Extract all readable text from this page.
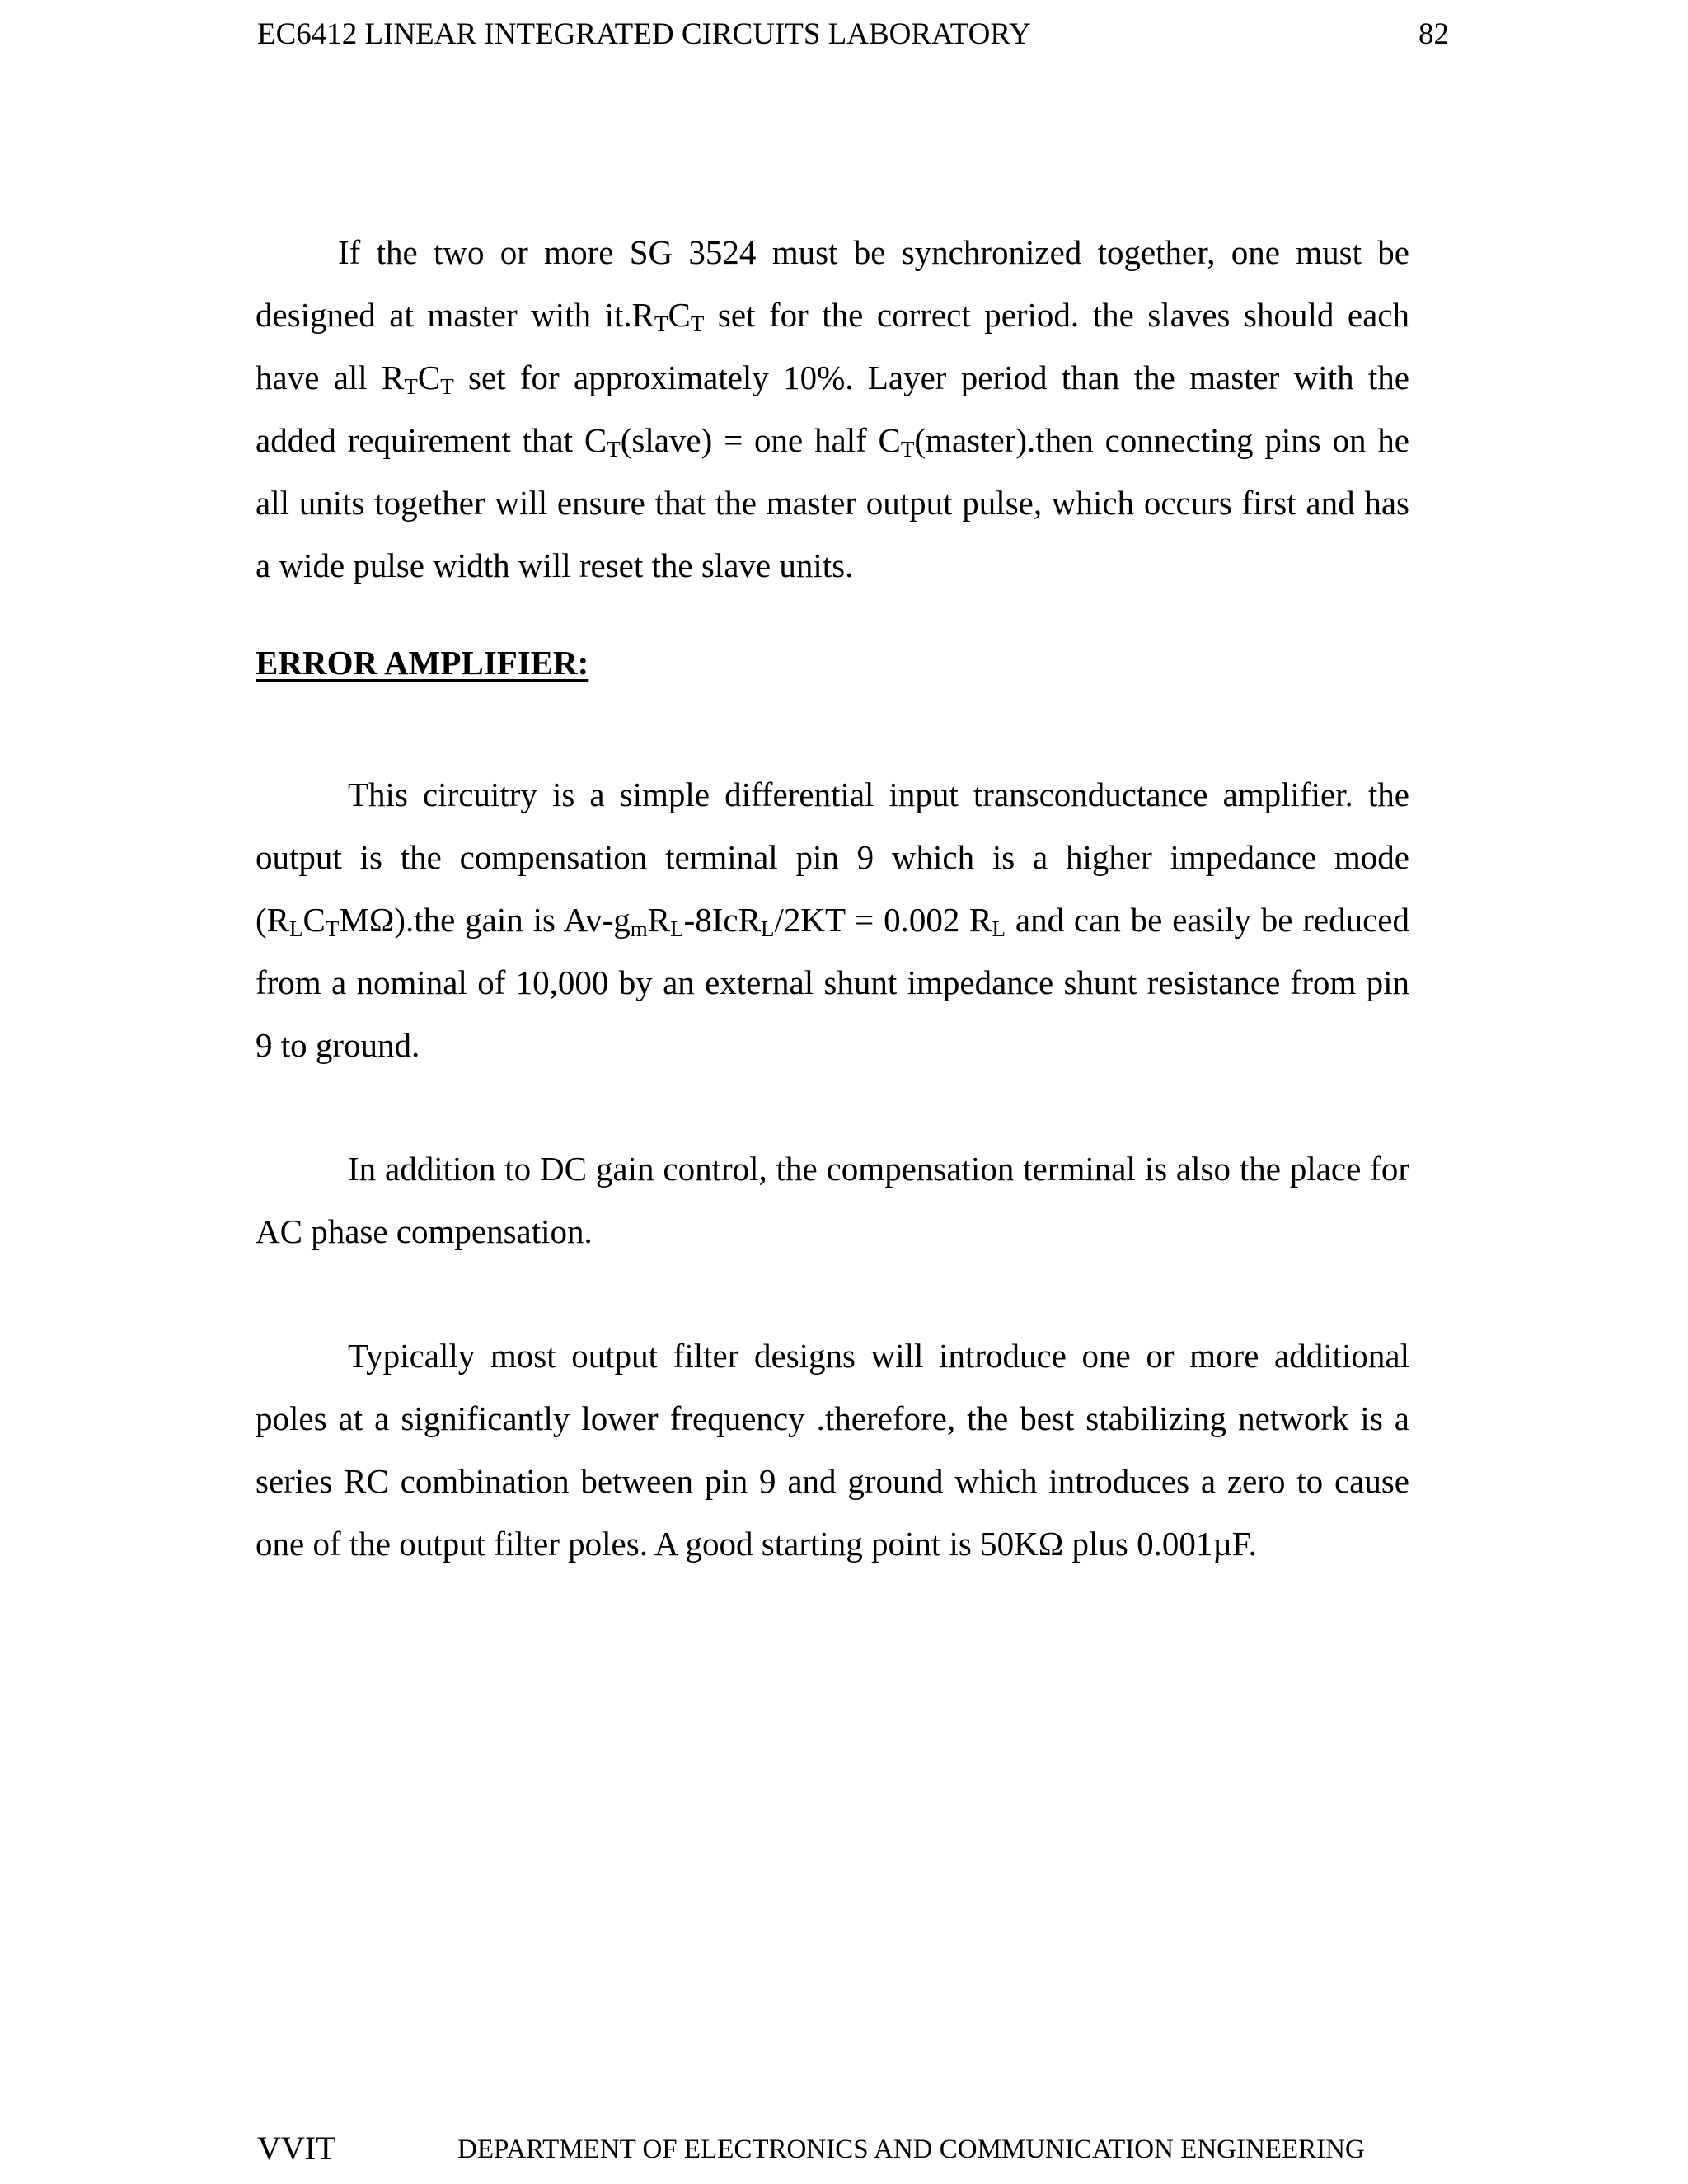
EC6412 LINEAR INTEGRATED CIRCUITS LABORATORY	82

If the two or more SG 3524 must be synchronized together, one must be designed at master with $it.R_TC_T$ set for the correct period. the slaves should each have all $R_TC_T$ set for approximately 10%. Layer period than the master with the added requirement that $C_T(slave)$ = one half $C_T(master).then$ connecting pins on he all units together will ensure that the master output pulse, which occurs first and has a wide pulse width will reset the slave units.

ERROR AMPLIFIER:

This circuitry is a simple differential input transconductance amplifier. the output is the compensation terminal pin 9 which is a higher impedance mode $(R_LC_TM\Omega).the$ gain is $Av-g_mR_L-8IcR_L/2KT = 0.002$ $R_L$ and can be easily be reduced from a nominal of 10,000 by an external shunt impedance shunt resistance from pin 9 to ground.

In addition to DC gain control, the compensation terminal is also the place for AC phase compensation.

Typically most output filter designs will introduce one or more additional poles at a significantly lower frequency .therefore, the best stabilizing network is a series RC combination between pin 9 and ground which introduces a zero to cause one of the output filter poles. A good starting point is 50KΩ plus 0.001µF.

VVIT	DEPARTMENT OF ELECTRONICS AND COMMUNICATION ENGINEERING
